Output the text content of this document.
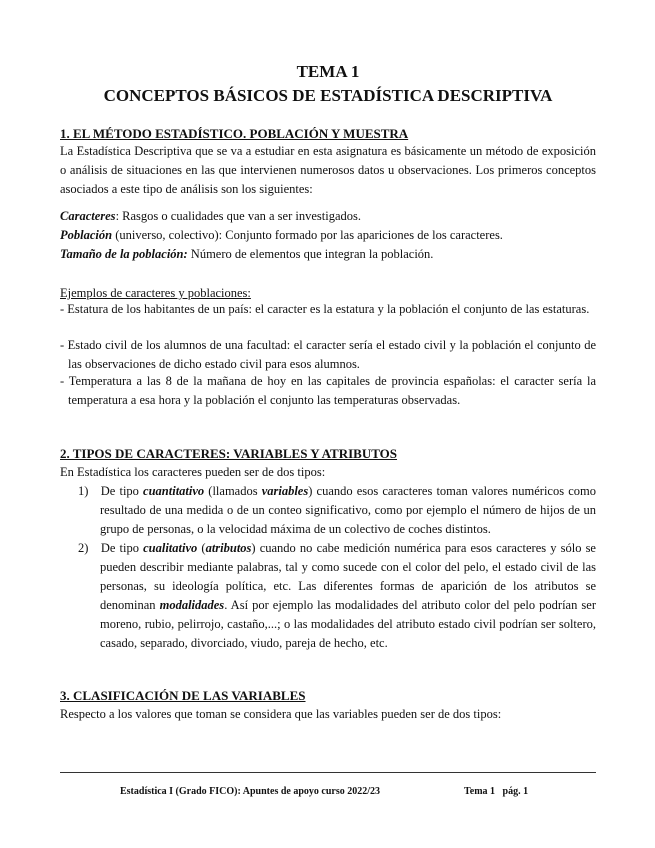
TEMA 1

CONCEPTOS BÁSICOS DE ESTADÍSTICA DESCRIPTIVA

1. EL MÉTODO ESTADÍSTICO. POBLACIÓN Y MUESTRA

La Estadística Descriptiva que se va a estudiar en esta asignatura es básicamente un método de exposición o análisis de situaciones en las que intervienen numerosos datos u observaciones. Los primeros conceptos asociados a este tipo de análisis son los siguientes:

Caracteres: Rasgos o cualidades que van a ser investigados.

Población (universo, colectivo): Conjunto formado por las apariciones de los caracteres.

Tamaño de la población: Número de elementos que integran la población.

Ejemplos de caracteres y poblaciones:

- Estatura de los habitantes de un país: el caracter es la estatura y la población el conjunto de las estaturas.

- Estado civil de los alumnos de una facultad: el caracter sería el estado civil y la población el conjunto de las observaciones de dicho estado civil para esos alumnos.

- Temperatura a las 8 de la mañana de hoy en las capitales de provincia españolas: el caracter sería la temperatura a esa hora y la población el conjunto las temperaturas observadas.

2. TIPOS DE CARACTERES: VARIABLES Y ATRIBUTOS

En Estadística los caracteres pueden ser de dos tipos:

1) De tipo cuantitativo (llamados variables) cuando esos caracteres toman valores numéricos como resultado de una medida o de un conteo significativo, como por ejemplo el número de hijos de un grupo de personas, o la velocidad máxima de un colectivo de coches distintos.

2) De tipo cualitativo (atributos) cuando no cabe medición numérica para esos caracteres y sólo se pueden describir mediante palabras, tal y como sucede con el color del pelo, el estado civil de las personas, su ideología política, etc. Las diferentes formas de aparición de los atributos se denominan modalidades. Así por ejemplo las modalidades del atributo color del pelo podrían ser moreno, rubio, pelirrojo, castaño,...; o las modalidades del atributo estado civil podrían ser soltero, casado, separado, divorciado, viudo, pareja de hecho, etc.

3. CLASIFICACIÓN DE LAS VARIABLES

Respecto a los valores que toman se considera que las variables pueden ser de dos tipos:

Estadística I (Grado FICO): Apuntes de apoyo curso 2022/23	Tema 1   pág. 1
